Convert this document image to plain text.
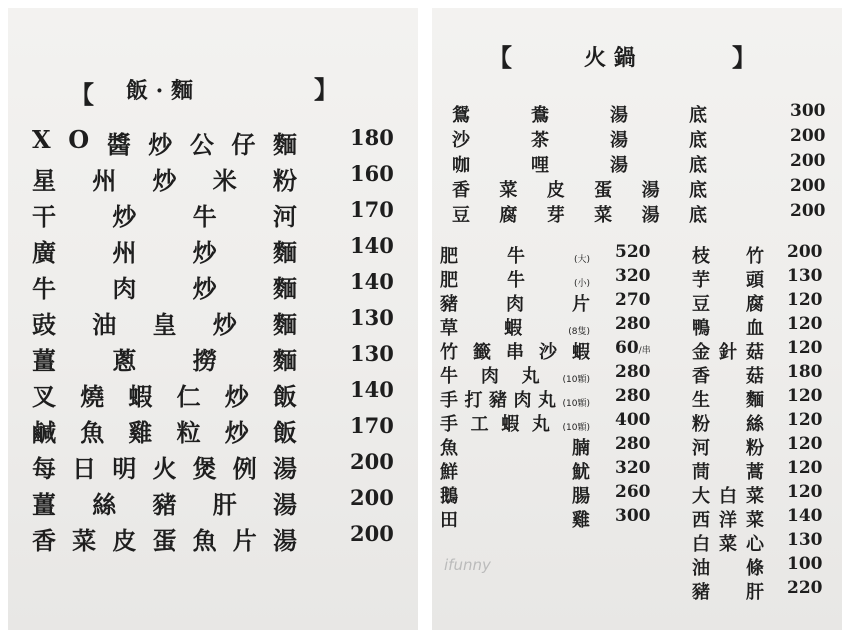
【 飯 · 麵	】
X O 醬 炒 公 仔 麵	180
星 州 炒 米 粉	160
干 炒 牛 河	170
廣 州 炒 麵	140
牛 肉 炒 麵	140
豉 油 皇 炒 麵	130
薑 蔥 撈 麵	130
叉 燒 蝦 仁 炒 飯	140
鹹 魚 雞 粒 炒 飯	170
每 日 明 火 煲 例 湯	200
薑 絲 豬 肝 湯	200
香 菜 皮 蛋 魚 片 湯	200
【	火 鍋	】
鴛	鴦	湯	底	300
沙	茶	湯	底	200
咖	哩	湯	底	200
香 菜 皮 蛋 湯 底	200
豆 腐 芽 菜 湯 底	200
肥	牛	(大) 520
肥	牛	(小) 320
豬	肉	片 270
草	蝦	(8隻) 280
竹 籤 串 沙 蝦 60/串
牛 肉 丸	(10顆) 280
手 打 豬 肉 丸 (10顆) 280
手 工 蝦 丸 (10顆) 400
魚	腩 280
鮮	魷 320
鵝	腸 260
田	雞 300
枝 竹 200
芋 頭 130
豆 腐 120
鴨 血 120
金 針 菇 120
香 菇 180
生 麵 120
粉 絲 120
河 粉 120
茼 蒿 120
大 白 菜 120
西 洋 菜 140
白 菜 心 130
油 條 100
豬 肝 220
ifunny
